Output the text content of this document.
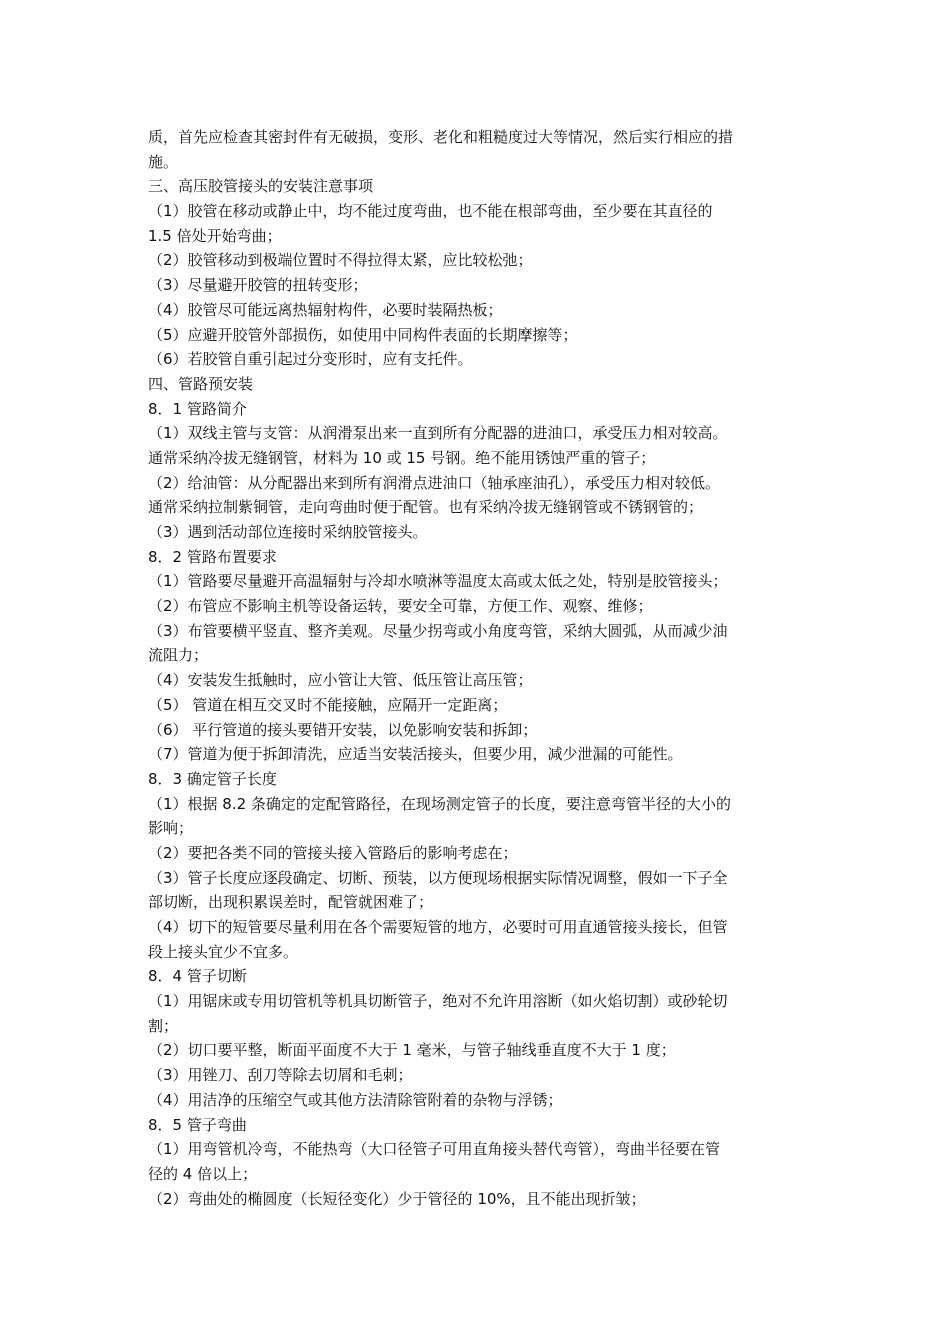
质，首先应检查其密封件有无破损，变形、老化和粗糙度过大等情况，然后实行相应的措
施。
三、高压胶管接头的安装注意事项
（1）胶管在移动或静止中，均不能过度弯曲，也不能在根部弯曲，至少要在其直径的
1.5 倍处开始弯曲；
（2）胶管移动到极端位置时不得拉得太紧，应比较松弛；
（3）尽量避开胶管的扭转变形；
（4）胶管尽可能远离热辐射构件，必要时装隔热板；
（5）应避开胶管外部损伤，如使用中同构件表面的长期摩擦等；
（6）若胶管自重引起过分变形时，应有支托件。
四、管路预安装
8．1 管路简介
（1）双线主管与支管：从润滑泵出来一直到所有分配器的进油口，承受压力相对较高。
通常采纳冷拔无缝钢管，材料为 10 或 15 号钢。绝不能用锈蚀严重的管子；
（2）给油管：从分配器出来到所有润滑点进油口（轴承座油孔），承受压力相对较低。
通常采纳拉制紫铜管，走向弯曲时便于配管。也有采纳冷拔无缝钢管或不锈钢管的；
（3）遇到活动部位连接时采纳胶管接头。
8．2 管路布置要求
（1）管路要尽量避开高温辐射与冷却水喷淋等温度太高或太低之处，特别是胶管接头；
（2）布管应不影响主机等设备运转，要安全可靠，方便工作、观察、维修；
（3）布管要横平竖直、整齐美观。尽量少拐弯或小角度弯管，采纳大圆弧，从而减少油
流阻力；
（4）安装发生抵触时，应小管让大管、低压管让高压管；
（5） 管道在相互交叉时不能接触，应隔开一定距离；
（6） 平行管道的接头要错开安装，以免影响安装和拆卸；
（7）管道为便于拆卸清洗，应适当安装活接头，但要少用，减少泄漏的可能性。
8．3 确定管子长度
（1）根据 8.2 条确定的定配管路径，在现场测定管子的长度，要注意弯管半径的大小的
影响；
（2）要把各类不同的管接头接入管路后的影响考虑在；
（3）管子长度应逐段确定、切断、预装，以方便现场根据实际情况调整，假如一下子全
部切断，出现积累误差时，配管就困难了；
（4）切下的短管要尽量利用在各个需要短管的地方，必要时可用直通管接头接长，但管
段上接头宜少不宜多。
8．4 管子切断
（1）用锯床或专用切管机等机具切断管子，绝对不允许用溶断（如火焰切割）或砂轮切
割；
（2）切口要平整，断面平面度不大于 1 毫米，与管子轴线垂直度不大于 1 度；
（3）用锉刀、刮刀等除去切屑和毛刺；
（4）用洁净的压缩空气或其他方法清除管附着的杂物与浮锈；
8．5 管子弯曲
（1）用弯管机冷弯，不能热弯（大口径管子可用直角接头替代弯管），弯曲半径要在管
径的 4 倍以上；
（2）弯曲处的椭圆度（长短径变化）少于管径的 10%，且不能出现折皱；
